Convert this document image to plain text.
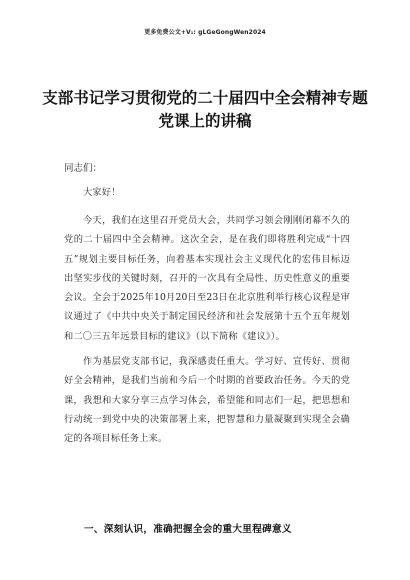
更多免费公文+V₁: gLGeGongWen2024
支部书记学习贯彻党的二十届四中全会精神专题党课上的讲稿
同志们：

大家好！

今天，我们在这里召开党员大会，共同学习领会刚刚闭幕不久的党的二十届四中全会精神。这次全会，是在我们即将胜利完成“十四五”规划主要目标任务，向着基本实现社会主义现代化的宏伟目标迈出坚实步伐的关键时刻，召开的一次具有全局性、历史性意义的重要会议。全会于2025年10月20日至23日在北京胜利举行核心议程是审议通过了《中共中央关于制定国民经济和社会发展第十五个五年规划和二〇三五年远景目标的建议》（以下简称《建议》）。

作为基层党支部书记，我深感责任重大。学习好、宣传好、贯彻好全会精神，是我们当前和今后一个时期的首要政治任务。今天的党课，我想和大家分享三点学习体会，希望能和同志们一起，把思想和行动统一到党中央的决策部署上来，把智慧和力量凝聚到实现全会确定的各项目标任务上来。

一、深刻认识，准确把握全会的重大里程碑意义
